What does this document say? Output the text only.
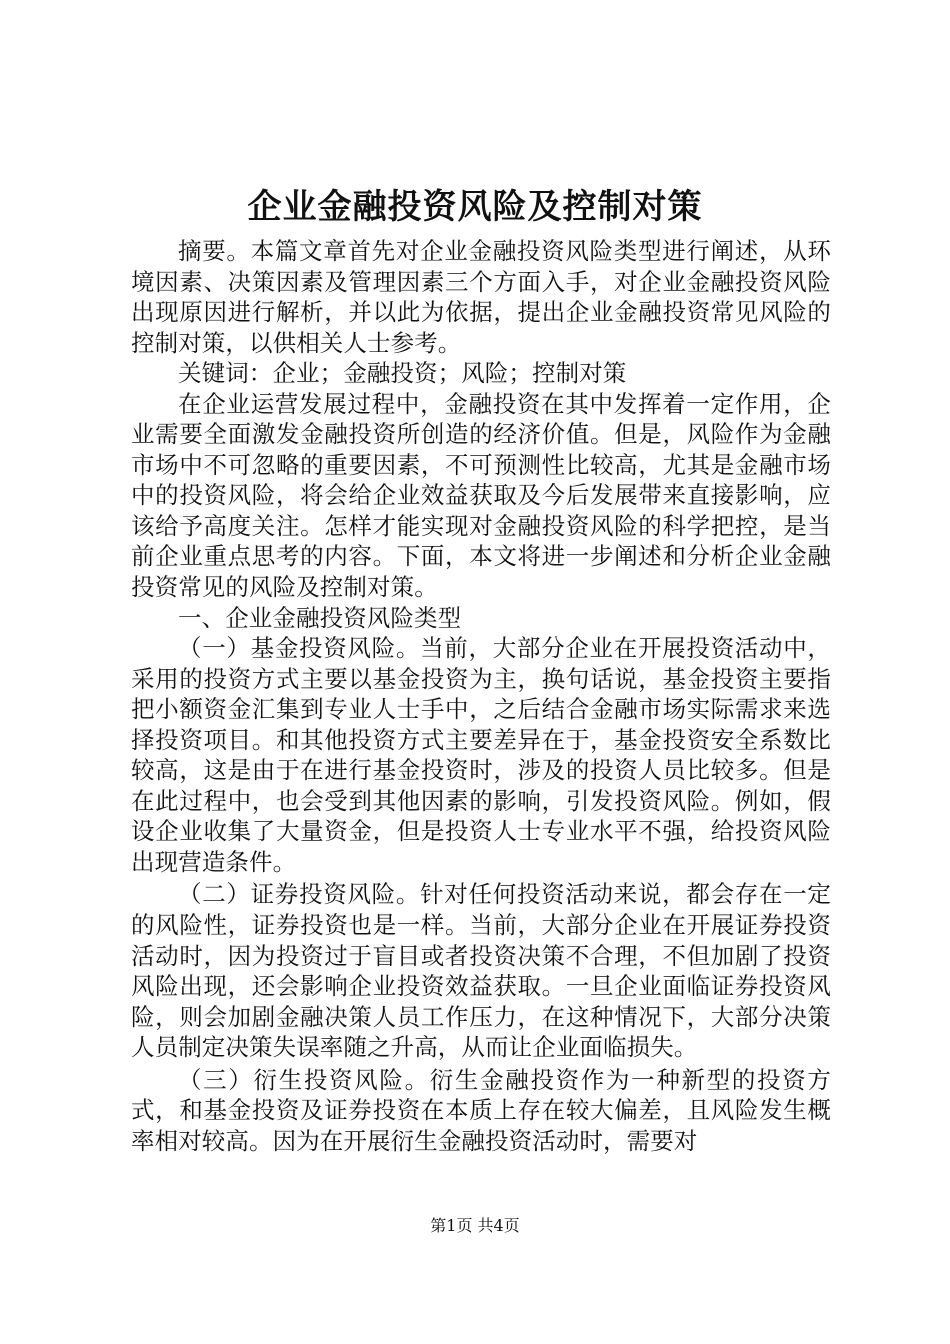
企业金融投资风险及控制对策

摘要。本篇文章首先对企业金融投资风险类型进行阐述，从环境因素、决策因素及管理因素三个方面入手，对企业金融投资风险出现原因进行解析，并以此为依据，提出企业金融投资常见风险的控制对策，以供相关人士参考。

关键词：企业；金融投资；风险；控制对策

在企业运营发展过程中，金融投资在其中发挥着一定作用，企业需要全面激发金融投资所创造的经济价值。但是，风险作为金融市场中不可忽略的重要因素，不可预测性比较高，尤其是金融市场中的投资风险，将会给企业效益获取及今后发展带来直接影响，应该给予高度关注。怎样才能实现对金融投资风险的科学把控，是当前企业重点思考的内容。下面，本文将进一步阐述和分析企业金融投资常见的风险及控制对策。

一、企业金融投资风险类型

（一）基金投资风险。当前，大部分企业在开展投资活动中，采用的投资方式主要以基金投资为主，换句话说，基金投资主要指把小额资金汇集到专业人士手中，之后结合金融市场实际需求来选择投资项目。和其他投资方式主要差异在于，基金投资安全系数比较高，这是由于在进行基金投资时，涉及的投资人员比较多。但是在此过程中，也会受到其他因素的影响，引发投资风险。例如，假设企业收集了大量资金，但是投资人士专业水平不强，给投资风险出现营造条件。

（二）证券投资风险。针对任何投资活动来说，都会存在一定的风险性，证券投资也是一样。当前，大部分企业在开展证券投资活动时，因为投资过于盲目或者投资决策不合理，不但加剧了投资风险出现，还会影响企业投资效益获取。一旦企业面临证券投资风险，则会加剧金融决策人员工作压力，在这种情况下，大部分决策人员制定决策失误率随之升高，从而让企业面临损失。

（三）衍生投资风险。衍生金融投资作为一种新型的投资方式，和基金投资及证券投资在本质上存在较大偏差，且风险发生概率相对较高。因为在开展衍生金融投资活动时，需要对

第1页 共4页
